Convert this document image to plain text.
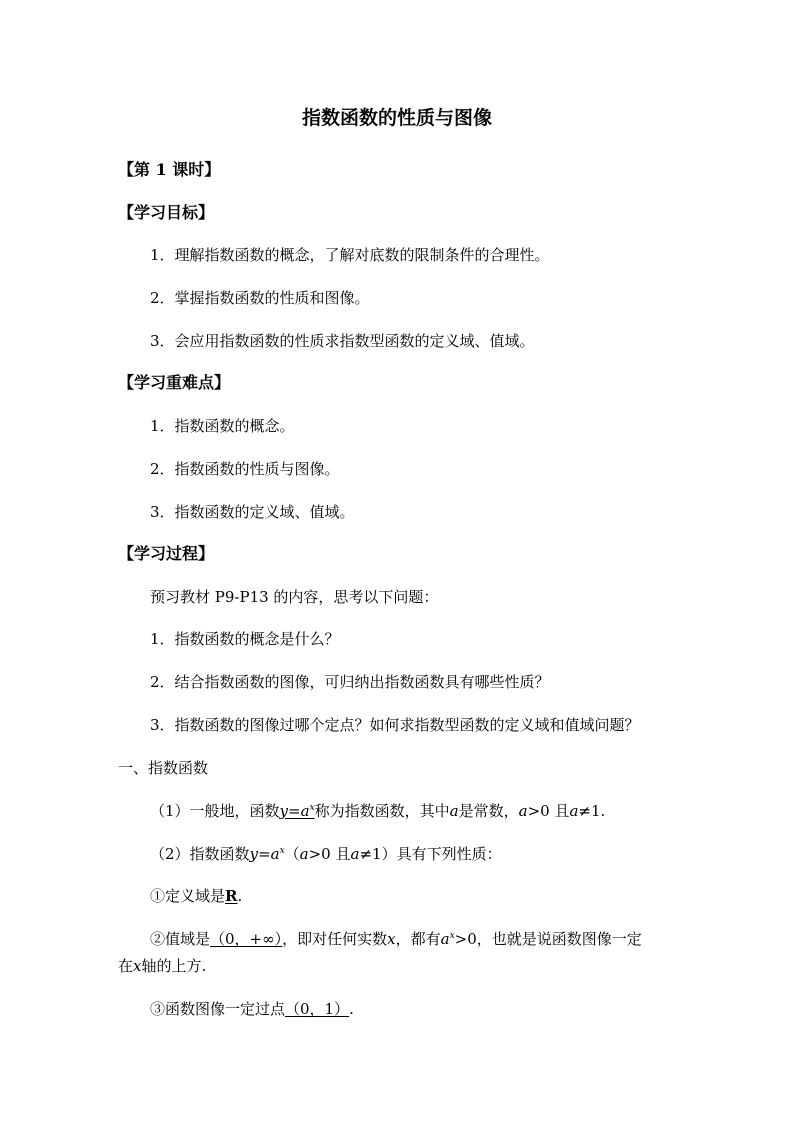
指数函数的性质与图像
【第 1 课时】
【学习目标】
1．理解指数函数的概念，了解对底数的限制条件的合理性。
2．掌握指数函数的性质和图像。
3．会应用指数函数的性质求指数型函数的定义域、值域。
【学习重难点】
1．指数函数的概念。
2．指数函数的性质与图像。
3．指数函数的定义域、值域。
【学习过程】
预习教材 P9-P13 的内容，思考以下问题：
1．指数函数的概念是什么？
2．结合指数函数的图像，可归纳出指数函数具有哪些性质？
3．指数函数的图像过哪个定点？如何求指数型函数的定义域和值域问题？
一、指数函数
（1）一般地，函数$y=a^x$称为指数函数，其中a是常数，a>0 且a≠1.
（2）指数函数$y=a^x(a>0$ 且a≠1）具有下列性质：
①定义域是R.
②值域是（0，+∞），即对任何实数x，都有$a^x>0$，也就是说函数图像一定
在x轴的上方.
③函数图像一定过点（0，1）.
